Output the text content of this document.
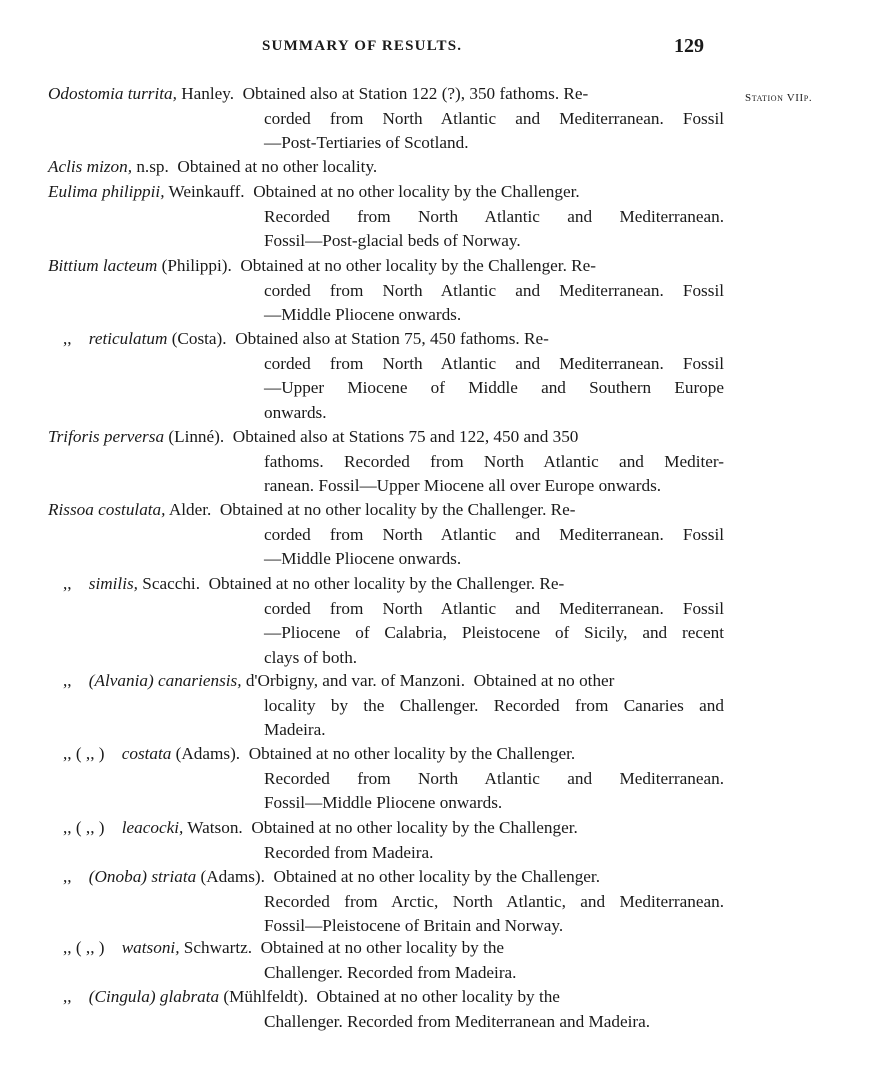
SUMMARY OF RESULTS.	129
Station VIIp.
Odostomia turrita, Hanley.  Obtained also at Station 122 (?), 350 fathoms. Re-
corded from North Atlantic and Mediterranean. Fossil
—Post-Tertiaries of Scotland.
Aclis mizon, n.sp.  Obtained at no other locality.
Eulima philippii, Weinkauff.  Obtained at no other locality by the Challenger.
Recorded from North Atlantic and Mediterranean.
Fossil—Post-glacial beds of Norway.
Bittium lacteum (Philippi).  Obtained at no other locality by the Challenger. Re-
corded from North Atlantic and Mediterranean. Fossil
—Middle Pliocene onwards.
,,  reticulatum (Costa).  Obtained also at Station 75, 450 fathoms. Re-
corded from North Atlantic and Mediterranean. Fossil
—Upper Miocene of Middle and Southern Europe
onwards.
Triforis perversa (Linné).  Obtained also at Stations 75 and 122, 450 and 350
fathoms. Recorded from North Atlantic and Mediter-
ranean. Fossil—Upper Miocene all over Europe onwards.
Rissoa costulata, Alder.  Obtained at no other locality by the Challenger. Re-
corded from North Atlantic and Mediterranean. Fossil
—Middle Pliocene onwards.
,,  similis, Scacchi.  Obtained at no other locality by the Challenger. Re-
corded from North Atlantic and Mediterranean. Fossil
—Pliocene of Calabria, Pleistocene of Sicily, and recent
clays of both.
,,  (Alvania) canariensis, d'Orbigny, and var. of Manzoni.  Obtained at no other
locality by the Challenger. Recorded from Canaries and
Madeira.
,, ( ,, )  costata (Adams).  Obtained at no other locality by the Challenger.
Recorded from North Atlantic and Mediterranean.
Fossil—Middle Pliocene onwards.
,, ( ,, )  leacocki, Watson.  Obtained at no other locality by the Challenger.
Recorded from Madeira.
,,  (Onoba) striata (Adams).  Obtained at no other locality by the Challenger.
Recorded from Arctic, North Atlantic, and Mediterranean.
Fossil—Pleistocene of Britain and Norway.
,, ( ,, )  watsoni, Schwartz.  Obtained at no other locality by the
Challenger. Recorded from Madeira.
,,  (Cingula) glabrata (Mühlfeldt).  Obtained at no other locality by the
Challenger. Recorded from Mediterranean and Madeira.
